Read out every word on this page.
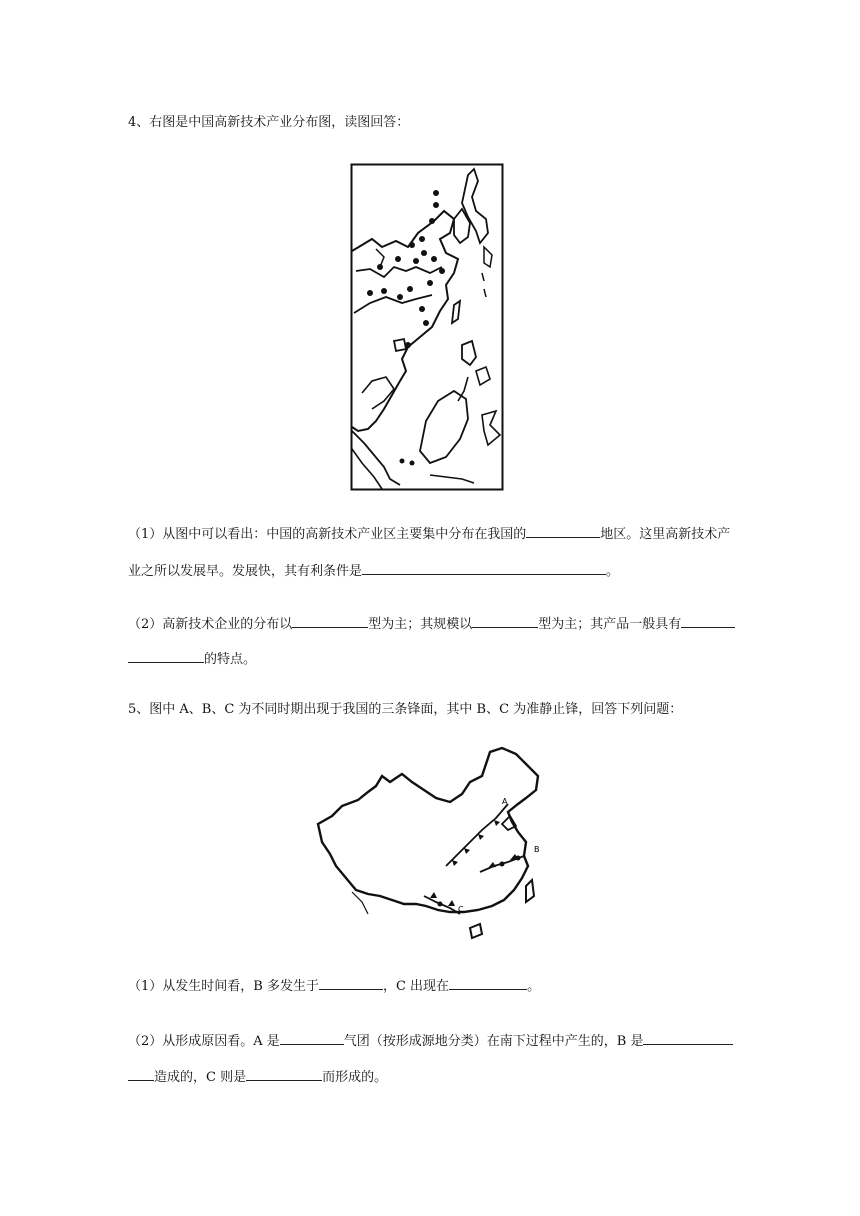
4、右图是中国高新技术产业分布图，读图回答：
（1）从图中可以看出：中国的高新技术产业区主要集中分布在我国的	地区。这里高新技术产
业之所以发展早。发展快，其有利条件是	。
（2）高新技术企业的分布以	型为主；其规模以	型为主；其产品一般具有
的特点。
5、图中 A、B、C 为不同时期出现于我国的三条锋面，其中 B、C 为准静止锋，回答下列问题：
A
B
C
（1）从发生时间看，B 多发生于	，C 出现在	。
（2）从形成原因看。A 是	气团（按形成源地分类）在南下过程中产生的，B 是
造成的，C 则是	而形成的。
